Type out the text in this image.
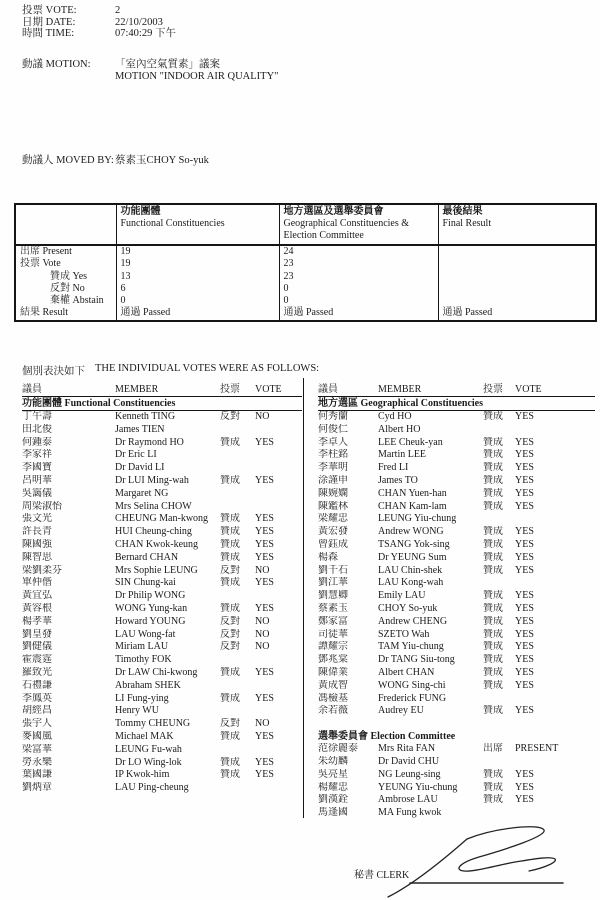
投票 VOTE:	2
日期 DATE:	22/10/2003
時間 TIME:	07:40:29 下午
動議 MOTION:	「室內空氣質素」議案
MOTION "INDOOR AIR QUALITY"
動議人 MOVED BY: 蔡素玉CHOY So-yuk

功能團體
Functional Constituencies

地方選區及選舉委員會
Geographical Constituencies & Election Committee

最後結果
Final Result

出席 Present	19	24	
投票 Vote	19	23	
贊成 Yes	13	23	
反對 No	6	0	
棄權 Abstain	0	0	
結果 Result	通過 Passed	通過 Passed	通過 Passed
個別表決如下 THE INDIVIDUAL VOTES WERE AS FOLLOWS:
議員	MEMBER	投票	VOTE
功能團體 Functional Constituencies
丁午壽	Kenneth TING	反對	NO
田北俊	James TIEN
何鍾泰	Dr Raymond HO	贊成	YES
李家祥	Dr Eric LI
李國寶	Dr David LI
呂明華	Dr LUI Ming-wah	贊成	YES
吳靄儀	Margaret NG
周梁淑怡	Mrs Selina CHOW
張文光	CHEUNG Man-kwong	贊成	YES
許長青	HUI Cheung-ching	贊成	YES
陳國強	CHAN Kwok-keung	贊成	YES
陳智思	Bernard CHAN	贊成	YES
梁劉柔芬	Mrs Sophie LEUNG	反對	NO
單仲偕	SIN Chung-kai	贊成	YES
黃宜弘	Dr Philip WONG
黃容根	WONG Yung-kan	贊成	YES
楊孝華	Howard YOUNG	反對	NO
劉皇發	LAU Wong-fat	反對	NO
劉健儀	Miriam LAU	反對	NO
霍震霆	Timothy FOK
羅致光	Dr LAW Chi-kwong	贊成	YES
石禮謙	Abraham SHEK
李鳳英	LI Fung-ying	贊成	YES
胡經昌	Henry WU
張宇人	Tommy CHEUNG	反對	NO
麥國風	Michael MAK	贊成	YES
梁富華	LEUNG Fu-wah
勞永樂	Dr LO Wing-lok	贊成	YES
葉國謙	IP Kwok-him	贊成	YES
劉炳章	LAU Ping-cheung
議員	MEMBER	投票	VOTE
地方選區 Geographical Constituencies
何秀蘭	Cyd HO	贊成	YES
何俊仁	Albert HO
李卓人	LEE Cheuk-yan	贊成	YES
李柱銘	Martin LEE	贊成	YES
李華明	Fred LI	贊成	YES
涂謹申	James TO	贊成	YES
陳婉嫻	CHAN Yuen-han	贊成	YES
陳鑑林	CHAN Kam-lam	贊成	YES
梁耀忠	LEUNG Yiu-chung
黃宏發	Andrew WONG	贊成	YES
曾鈺成	TSANG Yok-sing	贊成	YES
楊森	Dr YEUNG Sum	贊成	YES
劉千石	LAU Chin-shek	贊成	YES
劉江華	LAU Kong-wah
劉慧卿	Emily LAU	贊成	YES
蔡素玉	CHOY So-yuk	贊成	YES
鄭家富	Andrew CHENG	贊成	YES
司徒華	SZETO Wah	贊成	YES
譚耀宗	TAM Yiu-chung	贊成	YES
鄧兆棠	Dr TANG Siu-tong	贊成	YES
陳偉業	Albert CHAN	贊成	YES
黃成智	WONG Sing-chi	贊成	YES
馮檢基	Frederick FUNG
余若薇	Audrey EU	贊成	YES
選舉委員會 Election Committee
范徐麗泰	Mrs Rita FAN	出席	PRESENT
朱幼麟	Dr David CHU
吳亮星	NG Leung-sing	贊成	YES
楊耀忠	YEUNG Yiu-chung	贊成	YES
劉漢銓	Ambrose LAU	贊成	YES
馬逢國	MA Fung kwok
秘書 CLERK
